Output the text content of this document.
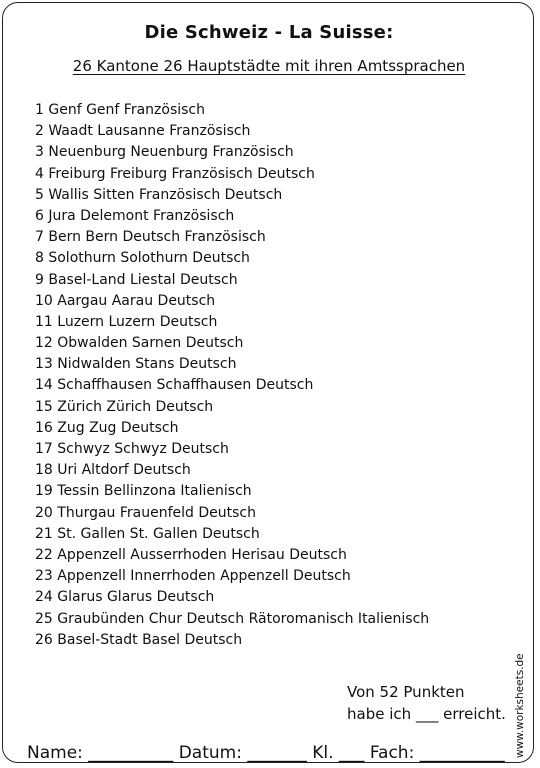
Die Schweiz - La Suisse:
26 Kantone 26 Hauptstädte mit ihren Amtssprachen
1 Genf Genf Französisch
2 Waadt Lausanne Französisch
3 Neuenburg Neuenburg Französisch
4 Freiburg Freiburg Französisch Deutsch
5 Wallis Sitten Französisch Deutsch
6 Jura Delemont Französisch
7 Bern Bern Deutsch Französisch
8 Solothurn Solothurn Deutsch
9 Basel-Land Liestal Deutsch
10 Aargau Aarau Deutsch
11 Luzern Luzern Deutsch
12 Obwalden Sarnen Deutsch
13 Nidwalden Stans Deutsch
14 Schaffhausen Schaffhausen Deutsch
15 Zürich Zürich Deutsch
16 Zug Zug Deutsch
17 Schwyz Schwyz Deutsch
18 Uri Altdorf Deutsch
19 Tessin Bellinzona Italienisch
20 Thurgau Frauenfeld Deutsch
21 St. Gallen St. Gallen Deutsch
22 Appenzell Ausserrhoden Herisau Deutsch
23 Appenzell Innerrhoden Appenzell Deutsch
24 Glarus Glarus Deutsch
25 Graubünden Chur Deutsch Rätoromanisch Italienisch
26 Basel-Stadt Basel Deutsch
Von 52 Punkten
habe ich ___ erreicht.
Name: __________ Datum: _______ Kl. ___ Fach: __________ www.worksheets.de
